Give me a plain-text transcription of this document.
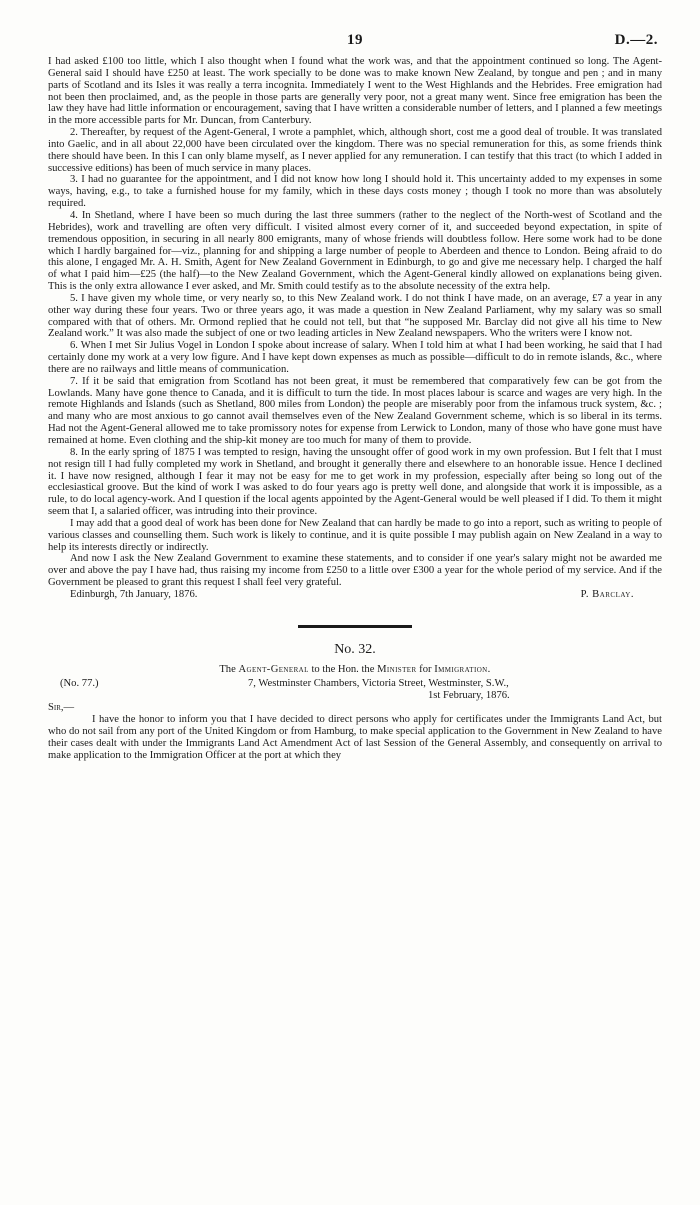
19	D.—2.

I had asked £100 too little, which I also thought when I found what the work was, and that the appointment continued so long. The Agent-General said I should have £250 at least. The work specially to be done was to make known New Zealand, by tongue and pen ; and in many parts of Scotland and its Isles it was really a terra incognita. Immediately I went to the West Highlands and the Hebrides. Free emigration had not been then proclaimed, and, as the people in those parts are generally very poor, not a great many went. Since free emigration has been the law they have had little information or encouragement, saving that I have written a considerable number of letters, and I planned a few meetings in the more accessible parts for Mr. Duncan, from Canterbury.

2. Thereafter, by request of the Agent-General, I wrote a pamphlet, which, although short, cost me a good deal of trouble. It was translated into Gaelic, and in all about 22,000 have been circulated over the kingdom. There was no special remuneration for this, as some friends think there should have been. In this I can only blame myself, as I never applied for any remuneration. I can testify that this tract (to which I added in successive editions) has been of much service in many places.

3. I had no guarantee for the appointment, and I did not know how long I should hold it. This uncertainty added to my expenses in some ways, having, e.g., to take a furnished house for my family, which in these days costs money ; though I took no more than was absolutely required.

4. In Shetland, where I have been so much during the last three summers (rather to the neglect of the North-west of Scotland and the Hebrides), work and travelling are often very difficult. I visited almost every corner of it, and succeeded beyond expectation, in spite of tremendous opposition, in securing in all nearly 800 emigrants, many of whose friends will doubtless follow. Here some work had to be done which I hardly bargained for—viz., planning for and shipping a large number of people to Aberdeen and thence to London. Being afraid to do this alone, I engaged Mr. A. H. Smith, Agent for New Zealand Government in Edinburgh, to go and give me necessary help. I charged the half of what I paid him—£25 (the half)—to the New Zealand Government, which the Agent-General kindly allowed on explanations being given. This is the only extra allowance I ever asked, and Mr. Smith could testify as to the absolute necessity of the extra help.

5. I have given my whole time, or very nearly so, to this New Zealand work. I do not think I have made, on an average, £7 a year in any other way during these four years. Two or three years ago, it was made a question in New Zealand Parliament, why my salary was so small compared with that of others. Mr. Ormond replied that he could not tell, but that “he supposed Mr. Barclay did not give all his time to New Zealand work.” It was also made the subject of one or two leading articles in New Zealand newspapers. Who the writers were I know not.

6. When I met Sir Julius Vogel in London I spoke about increase of salary. When I told him at what I had been working, he said that I had certainly done my work at a very low figure. And I have kept down expenses as much as possible—difficult to do in remote islands, &c., where there are no railways and little means of communication.

7. If it be said that emigration from Scotland has not been great, it must be remembered that comparatively few can be got from the Lowlands. Many have gone thence to Canada, and it is difficult to turn the tide. In most places labour is scarce and wages are very high. In the remote Highlands and Islands (such as Shetland, 800 miles from London) the people are miserably poor from the infamous truck system, &c. ; and many who are most anxious to go cannot avail themselves even of the New Zealand Government scheme, which is so liberal in its terms. Had not the Agent-General allowed me to take promissory notes for expense from Lerwick to London, many of those who have gone must have remained at home. Even clothing and the ship-kit money are too much for many of them to provide.

8. In the early spring of 1875 I was tempted to resign, having the unsought offer of good work in my own profession. But I felt that I must not resign till I had fully completed my work in Shetland, and brought it generally there and elsewhere to an honorable issue. Hence I declined it. I have now resigned, although I fear it may not be easy for me to get work in my profession, especially after being so long out of the ecclesiastical groove. But the kind of work I was asked to do four years ago is pretty well done, and alongside that work it is impossible, as a rule, to do local agency-work. And I question if the local agents appointed by the Agent-General would be well pleased if I did. To them it might seem that I, a salaried officer, was intruding into their province.

I may add that a good deal of work has been done for New Zealand that can hardly be made to go into a report, such as writing to people of various classes and counselling them. Such work is likely to continue, and it is quite possible I may publish again on New Zealand in a way to help its interests directly or indirectly.

And now I ask the New Zealand Government to examine these statements, and to consider if one year's salary might not be awarded me over and above the pay I have had, thus raising my income from £250 to a little over £300 a year for the whole period of my service. And if the Government be pleased to grant this request I shall feel very grateful.

Edinburgh, 7th January, 1876.	P. Barclay.
No. 32.
The Agent-General to the Hon. the Minister for Immigration.
(No. 77.)	7, Westminster Chambers, Victoria Street, Westminster, S.W.,
1st February, 1876.
Sir,—

I have the honor to inform you that I have decided to direct persons who apply for certificates under the Immigrants Land Act, but who do not sail from any port of the United Kingdom or from Hamburg, to make special application to the Government in New Zealand to have their cases dealt with under the Immigrants Land Act Amendment Act of last Session of the General Assembly, and consequently on arrival to make application to the Immigration Officer at the port at which they
